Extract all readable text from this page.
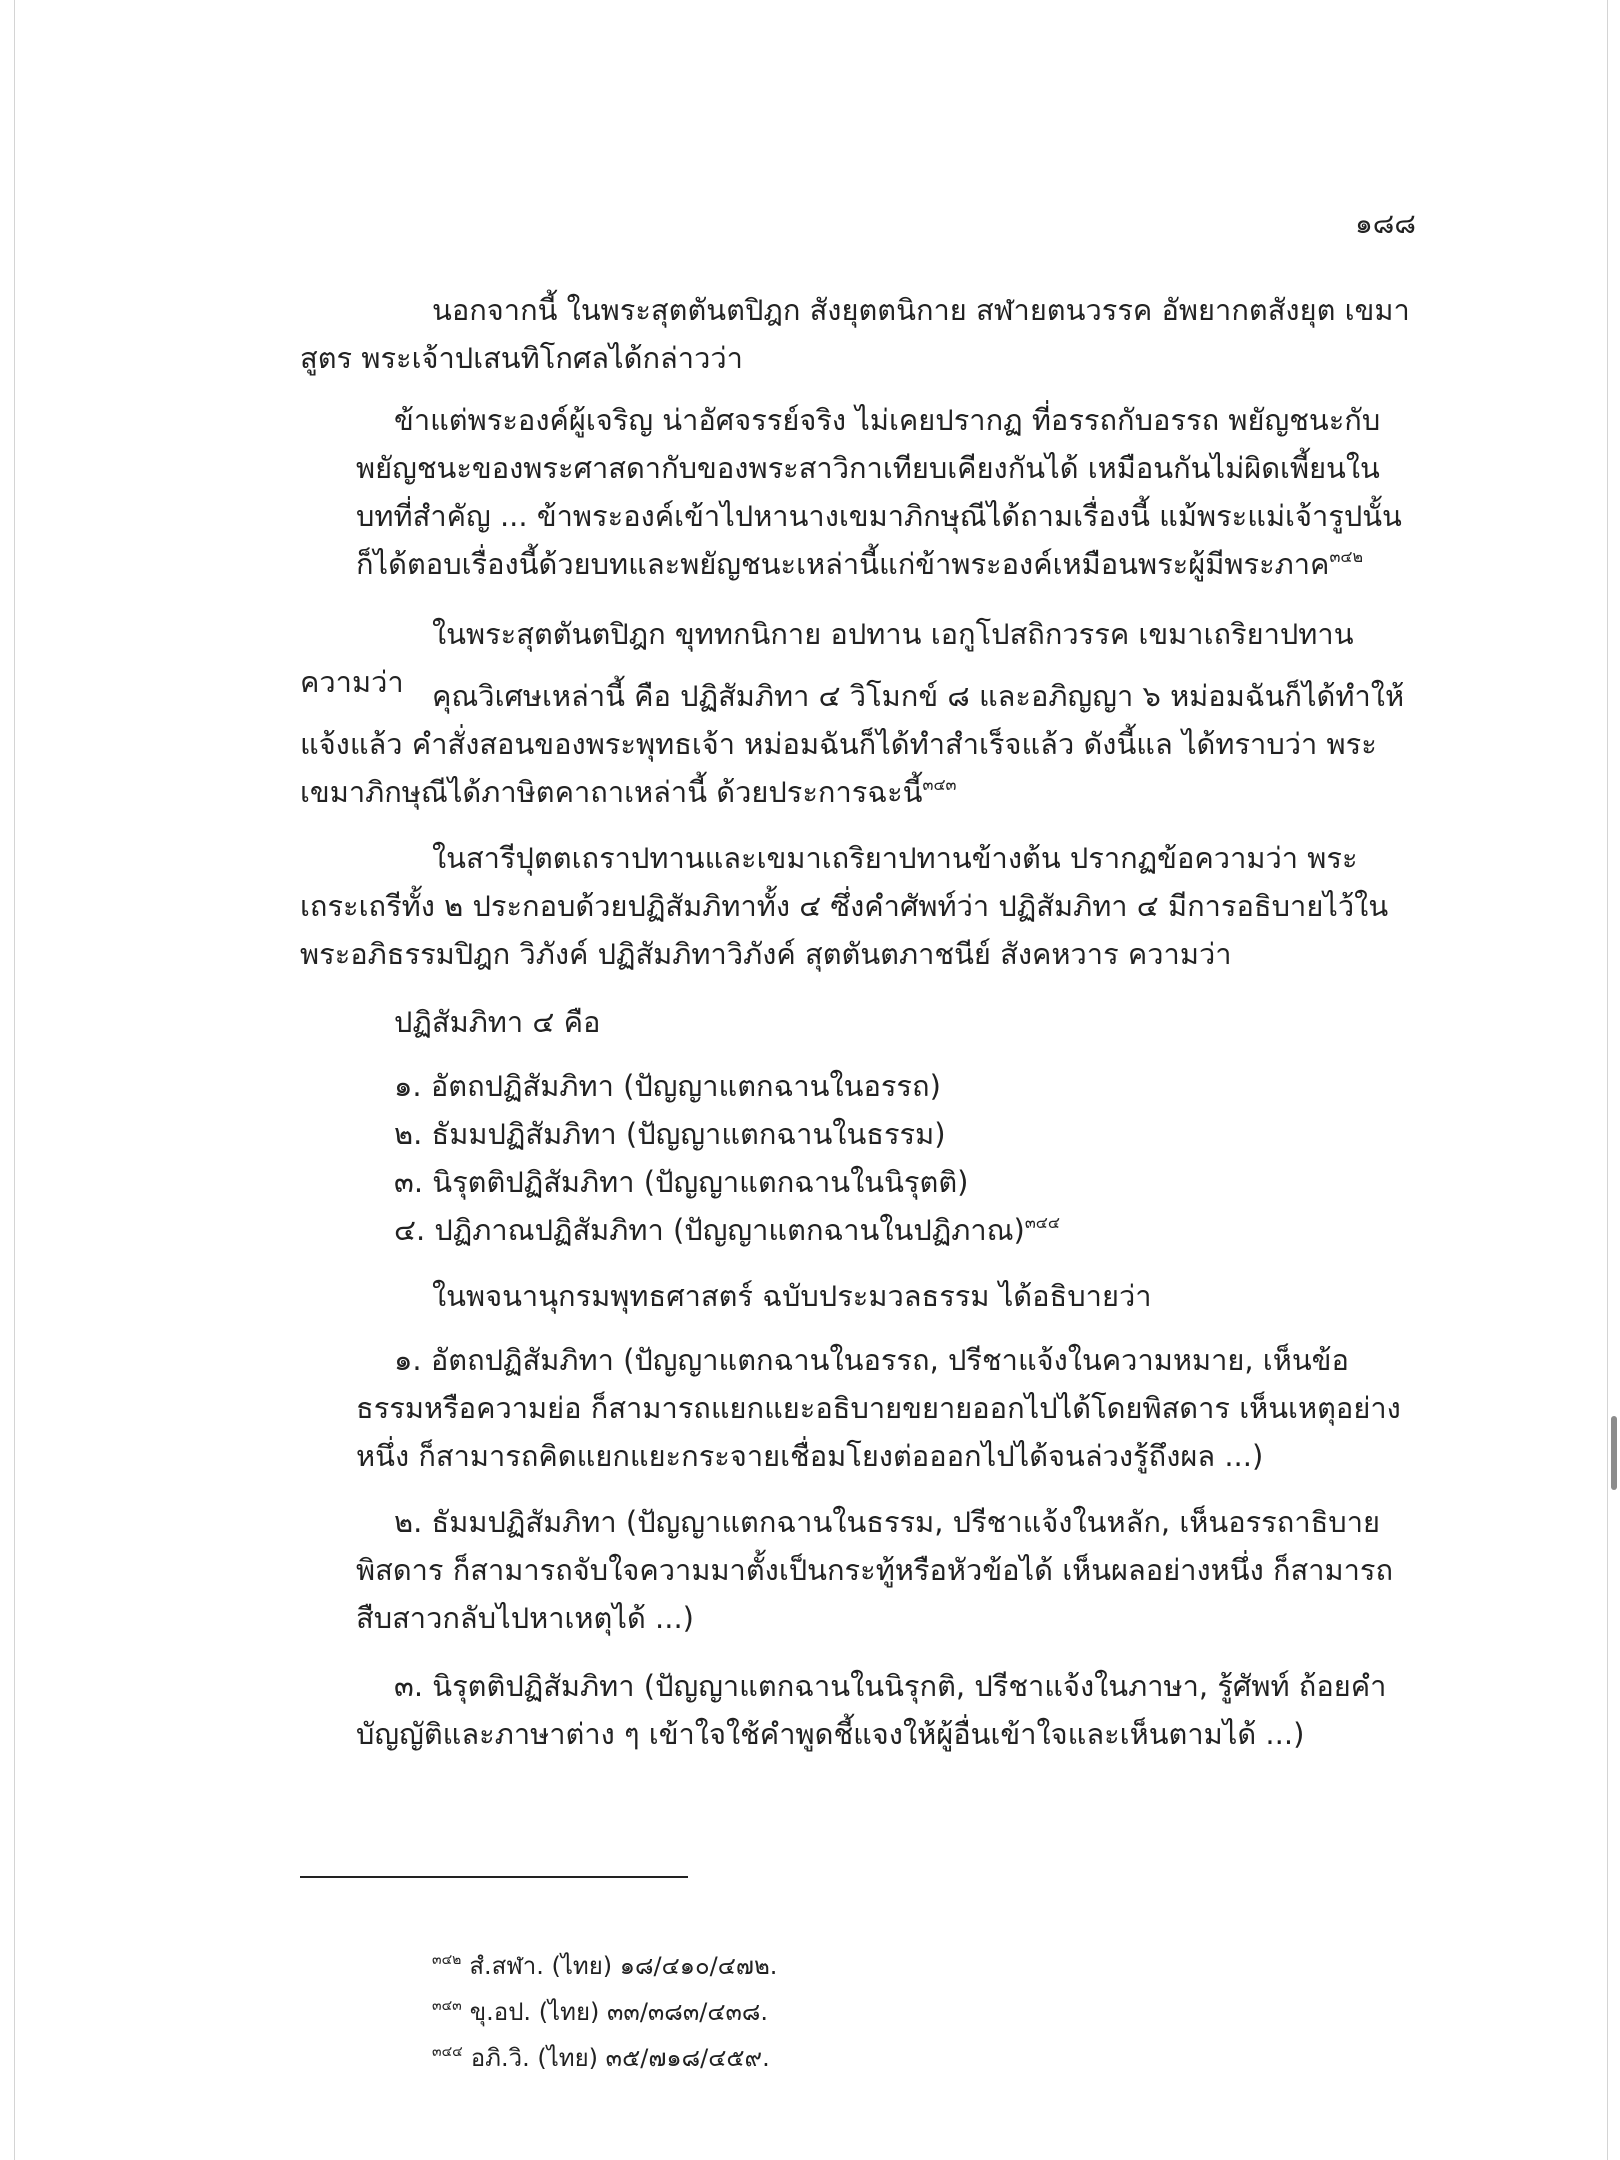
๑๘๘
นอกจากนี้ ในพระสุตตันตปิฎก สังยุตตนิกาย สฬายตนวรรค อัพยากตสังยุต เขมาสูตร พระเจ้าปเสนทิโกศลได้กล่าวว่า
ข้าแต่พระองค์ผู้เจริญ น่าอัศจรรย์จริง ไม่เคยปรากฏ ที่อรรถกับอรรถ พยัญชนะกับพยัญชนะของพระศาสดากับของพระสาวิกาเทียบเคียงกันได้ เหมือนกันไม่ผิดเพี้ยนในบทที่สำคัญ ... ข้าพระองค์เข้าไปหานางเขมาภิกษุณีได้ถามเรื่องนี้ แม้พระแม่เจ้ารูปนั้นก็ได้ตอบเรื่องนี้ด้วยบทและพยัญชนะเหล่านี้แก่ข้าพระองค์เหมือนพระผู้มีพระภาค$^{๓๔๒}$
ในพระสุตตันตปิฎก ขุททกนิกาย อปทาน เอกูโปสถิกวรรค เขมาเถริยาปทาน ความว่า คุณวิเศษเหล่านี้ คือ ปฏิสัมภิทา ๔ วิโมกข์ ๘ และอภิญญา ๖ หม่อมฉันก็ได้ทำให้แจ้งแล้ว คำสั่งสอนของพระพุทธเจ้า หม่อมฉันก็ได้ทำสำเร็จแล้ว ดังนี้แล ได้ทราบว่า พระเขมาภิกษุณีได้ภาษิตคาถาเหล่านี้ ด้วยประการฉะนี้$^{๓๔๓}$
ในสารีปุตตเถราปทานและเขมาเถริยาปทานข้างต้น ปรากฏข้อความว่า พระเถระเถรีทั้ง ๒ ประกอบด้วยปฏิสัมภิทาทั้ง ๔ ซึ่งคำศัพท์ว่า ปฏิสัมภิทา ๔ มีการอธิบายไว้ในพระอภิธรรมปิฎก วิภังค์ ปฏิสัมภิทาวิภังค์ สุตตันตภาชนีย์ สังคหวาร ความว่า
ปฏิสัมภิทา ๔ คือ
๑. อัตถปฏิสัมภิทา (ปัญญาแตกฉานในอรรถ)
๒. ธัมมปฏิสัมภิทา (ปัญญาแตกฉานในธรรม)
๓. นิรุตติปฏิสัมภิทา (ปัญญาแตกฉานในนิรุตติ)
๔. ปฏิภาณปฏิสัมภิทา (ปัญญาแตกฉานในปฏิภาณ)$^{๓๔๔}$
ในพจนานุกรมพุทธศาสตร์ ฉบับประมวลธรรม ได้อธิบายว่า
๑. อัตถปฏิสัมภิทา (ปัญญาแตกฉานในอรรถ, ปรีชาแจ้งในความหมาย, เห็นข้อธรรมหรือความย่อ ก็สามารถแยกแยะอธิบายขยายออกไปได้โดยพิสดาร เห็นเหตุอย่างหนึ่ง ก็สามารถคิดแยกแยะกระจายเชื่อมโยงต่อออกไปได้จนล่วงรู้ถึงผล ...)
๒. ธัมมปฏิสัมภิทา (ปัญญาแตกฉานในธรรม, ปรีชาแจ้งในหลัก, เห็นอรรถาธิบายพิสดาร ก็สามารถจับใจความมาตั้งเป็นกระทู้หรือหัวข้อได้ เห็นผลอย่างหนึ่ง ก็สามารถสืบสาวกลับไปหาเหตุได้ ...)
๓. นิรุตติปฏิสัมภิทา (ปัญญาแตกฉานในนิรุกติ, ปรีชาแจ้งในภาษา, รู้ศัพท์ ถ้อยคำบัญญัติและภาษาต่าง ๆ เข้าใจใช้คำพูดชี้แจงให้ผู้อื่นเข้าใจและเห็นตามได้ ...)
$^{๓๔๒}$ สํ.สฬา. (ไทย) ๑๘/๔๑๐/๔๗๒.
$^{๓๔๓}$ ขุ.อป. (ไทย) ๓๓/๓๘๓/๔๓๘.
$^{๓๔๔}$ อภิ.วิ. (ไทย) ๓๕/๗๑๘/๔๕๙.
